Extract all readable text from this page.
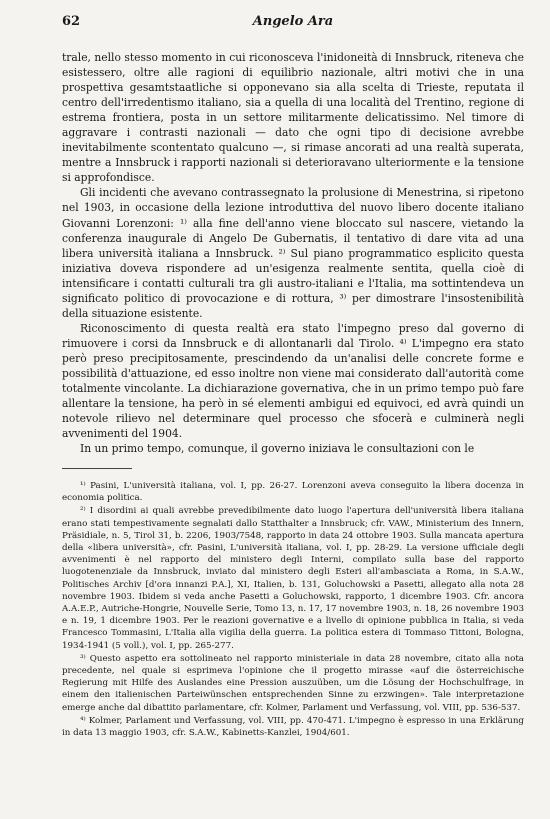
62	Angelo Ara

trale, nello stesso momento in cui riconosceva l'inidoneità di Innsbruck, riteneva che esistessero, oltre alle ragioni di equilibrio nazionale, altri motivi che in una prospettiva gesamtstaatliche si opponevano sia alla scelta di Trieste, reputata il centro dell'irredentismo italiano, sia a quella di una località del Trentino, regione di estrema frontiera, posta in un settore militarmente delicatissimo. Nel timore di aggravare i contrasti nazionali — dato che ogni tipo di decisione avrebbe inevitabilmente scontentato qualcuno —, si rimase ancorati ad una realtà superata, mentre a Innsbruck i rapporti nazionali si deterioravano ulteriormente e la tensione si approfondisce.

Gli incidenti che avevano contrassegnato la prolusione di Menestrina, si ripetono nel 1903, in occasione della lezione introduttiva del nuovo libero docente italiano Giovanni Lorenzoni: ¹⁾ alla fine dell'anno viene bloccato sul nascere, vietando la conferenza inaugurale di Angelo De Gubernatis, il tentativo di dare vita ad una libera università italiana a Innsbruck. ²⁾ Sul piano programmatico esplicito questa iniziativa doveva rispondere ad un'esigenza realmente sentita, quella cioè di intensificare i contatti culturali tra gli austro-italiani e l'Italia, ma sottintendeva un significato politico di provocazione e di rottura, ³⁾ per dimostrare l'insostenibilità della situazione esistente.

Riconoscimento di questa realtà era stato l'impegno preso dal governo di rimuovere i corsi da Innsbruck e di allontanarli dal Tirolo. ⁴⁾ L'impegno era stato però preso precipitosamente, prescindendo da un'analisi delle concrete forme e possibilità d'attuazione, ed esso inoltre non viene mai considerato dall'autorità come totalmente vincolante. La dichiarazione governativa, che in un primo tempo può fare allentare la tensione, ha però in sé elementi ambigui ed equivoci, ed avrà quindi un notevole rilievo nel determinare quel processo che sfocerà e culminerà negli avvenimenti del 1904.

In un primo tempo, comunque, il governo iniziava le consultazioni con le

¹⁾ Pasini, L'università italiana, vol. I, pp. 26-27. Lorenzoni aveva conseguito la libera docenza in economia politica.

²⁾ I disordini ai quali avrebbe prevedibilmente dato luogo l'apertura dell'università libera italiana erano stati tempestivamente segnalati dallo Statthalter a Innsbruck; cfr. VAW., Ministerium des Innern, Präsidiale, n. 5, Tirol 31, b. 2206, 1903/7548, rapporto in data 24 ottobre 1903. Sulla mancata apertura della «libera università», cfr. Pasini, L'università italiana, vol. I, pp. 28-29. La versione ufficiale degli avvenimenti è nel rapporto del ministero degli Interni, compilato sulla base del rapporto luogotenenziale da Innsbruck, inviato dal ministero degli Esteri all'ambasciata a Roma, in S.A.W., Politisches Archiv [d'ora innanzi P.A.], XI, Italien, b. 131, Goluchowski a Pasetti, allegato alla nota 28 novembre 1903. Ibidem si veda anche Pasetti a Goluchowski, rapporto, 1 dicembre 1903. Cfr. ancora A.A.E.P., Autriche-Hongrie, Nouvelle Serie, Tomo 13, n. 17, 17 novembre 1903, n. 18, 26 novembre 1903 e n. 19, 1 dicembre 1903. Per le reazioni governative e a livello di opinione pubblica in Italia, si veda Francesco Tommasini, L'Italia alla vigilia della guerra. La politica estera di Tommaso Tittoni, Bologna, 1934-1941 (5 voll.), vol. I, pp. 265-277.

³⁾ Questo aspetto era sottolineato nel rapporto ministeriale in data 28 novembre, citato alla nota precedente, nel quale si esprimeva l'opinione che il progetto mirasse «auf die österreichische Regierung mit Hilfe des Auslandes eine Pression auszuüben, um die Lösung der Hochschulfrage, in einem den italienischen Parteiwünschen entsprechenden Sinne zu erzwingen». Tale interpretazione emerge anche dal dibattito parlamentare, cfr. Kolmer, Parlament und Verfassung, vol. VIII, pp. 536-537.

⁴⁾ Kolmer, Parlament und Verfassung, vol. VIII, pp. 470-471. L'impegno è espresso in una Erklärung in data 13 maggio 1903, cfr. S.A.W., Kabinetts-Kanzlei, 1904/601.
